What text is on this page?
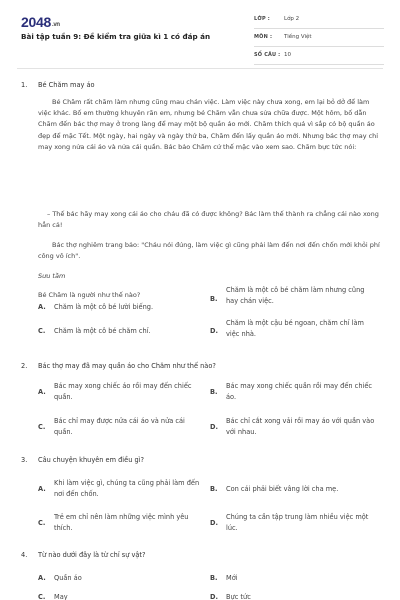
2048.vn
Bài tập tuần 9: Đề kiểm tra giữa kì 1 có đáp án
LỚP :	Lớp 2
MÔN : Tiếng Việt
SỐ CÂU : 10
1. Bé Chăm may áo

Bé Chăm rất chăm làm nhưng cũng mau chán việc. Làm việc này chưa xong, em lại bỏ dở để làm việc khác. Bố em thường khuyên răn em, nhưng bé Chăm vẫn chưa sửa chữa được. Một hôm, bố dẫn Chăm đến bác thợ may ở trong làng để may một bộ quần áo mới. Chăm thích quá vì sắp có bộ quần áo đẹp để mặc Tết. Một ngày, hai ngày và ngày thứ ba, Chăm đến lấy quần áo mới. Nhưng bác thợ may chỉ may xong nửa cái áo và nửa cái quần. Bác bảo Chăm cứ thế mặc vào xem sao. Chăm bực tức nói:

– Thế bác hãy may xong cái áo cho cháu đã có được không? Bác làm thế thành ra chẳng cái nào xong hẳn cả!

Bác thợ nghiêm trang bảo: "Cháu nói đúng, làm việc gì cũng phải làm đến nơi đến chốn mới khỏi phí công vô ích".

Sưu tầm

Bé Chăm là người như thế nào?

A.	Chăm là một cô bé lười biếng.
B.
Chăm là một cô bé chăm làm nhưng cũng hay chán việc.
C.	Chăm là một cô bé chăm chỉ.	D.
Chăm là một cậu bé ngoan, chăm chỉ làm việc nhà.
2. Bác thợ may đã may quần áo cho Chăm như thế nào?
A.
Bác may xong chiếc áo rồi may đến chiếc quần.
B.
Bác may xong chiếc quần rồi may đến chiếc áo.
C.
Bác chỉ may được nửa cái áo và nửa cái quần.
D.
Bác chỉ cắt xong vải rồi may áo với quần vào với nhau.
3. Câu chuyện khuyên em điều gì?
A.
Khi làm việc gì, chúng ta cũng phải làm đến nơi đến chốn.
B.	Con cái phải biết vâng lời cha mẹ.
C.
Trẻ em chỉ nên làm những việc mình yêu thích.
D.
Chúng ta cần tập trung làm nhiều việc một lúc.
4. Từ nào dưới đây là từ chỉ sự vật?
A.	Quần áo	B.	Mới
C.	May	D.	Bực tức
